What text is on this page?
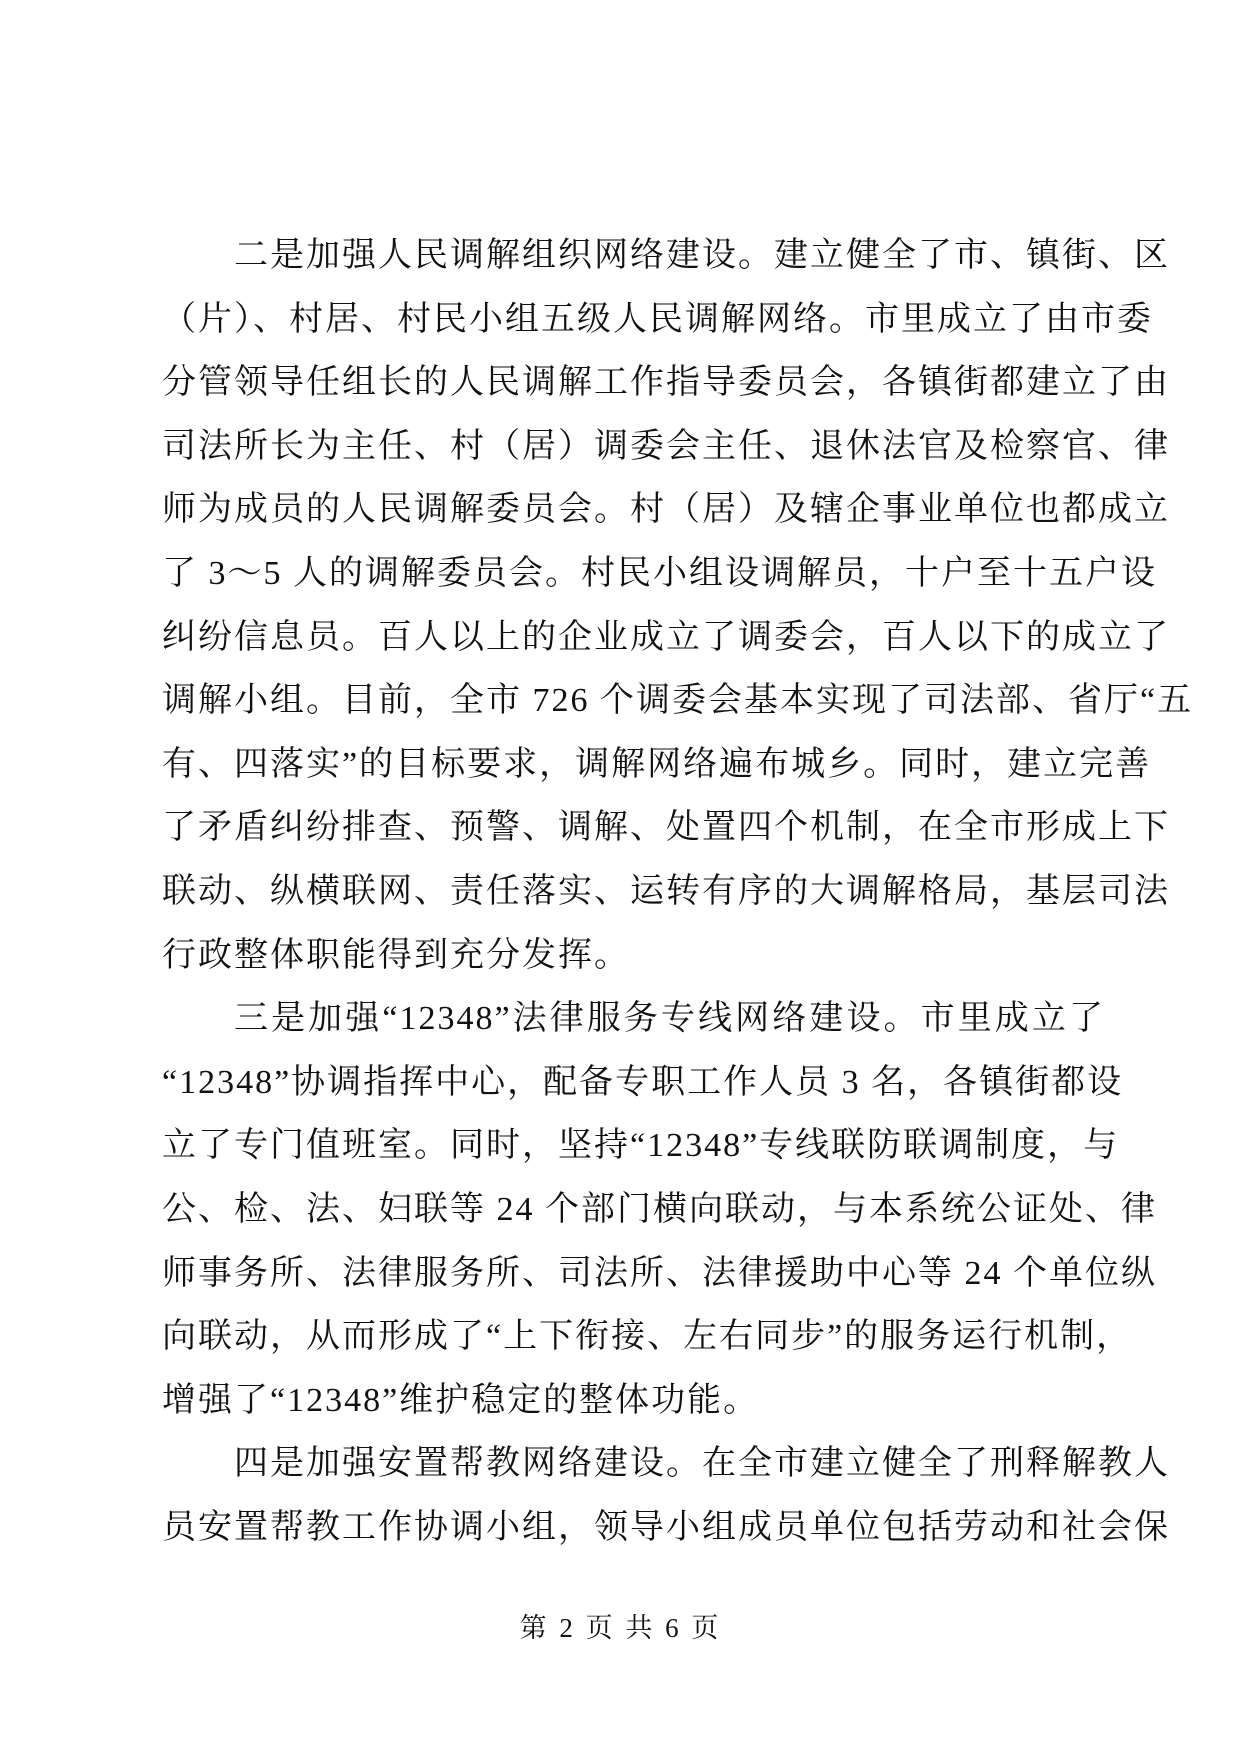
二是加强人民调解组织网络建设。建立健全了市、镇街、区
（片）、村居、村民小组五级人民调解网络。市里成立了由市委
分管领导任组长的人民调解工作指导委员会，各镇街都建立了由
司法所长为主任、村（居）调委会主任、退休法官及检察官、律
师为成员的人民调解委员会。村（居）及辖企事业单位也都成立
了 3～5 人的调解委员会。村民小组设调解员，十户至十五户设
纠纷信息员。百人以上的企业成立了调委会，百人以下的成立了
调解小组。目前，全市 726 个调委会基本实现了司法部、省厅“五
有、四落实”的目标要求，调解网络遍布城乡。同时，建立完善
了矛盾纠纷排查、预警、调解、处置四个机制，在全市形成上下
联动、纵横联网、责任落实、运转有序的大调解格局，基层司法
行政整体职能得到充分发挥。
三是加强“12348”法律服务专线网络建设。市里成立了
“12348”协调指挥中心，配备专职工作人员 3 名，各镇街都设
立了专门值班室。同时，坚持“12348”专线联防联调制度，与
公、检、法、妇联等 24 个部门横向联动，与本系统公证处、律
师事务所、法律服务所、司法所、法律援助中心等 24 个单位纵
向联动，从而形成了“上下衔接、左右同步”的服务运行机制，
增强了“12348”维护稳定的整体功能。
四是加强安置帮教网络建设。在全市建立健全了刑释解教人
员安置帮教工作协调小组，领导小组成员单位包括劳动和社会保
第 2 页 共 6 页
